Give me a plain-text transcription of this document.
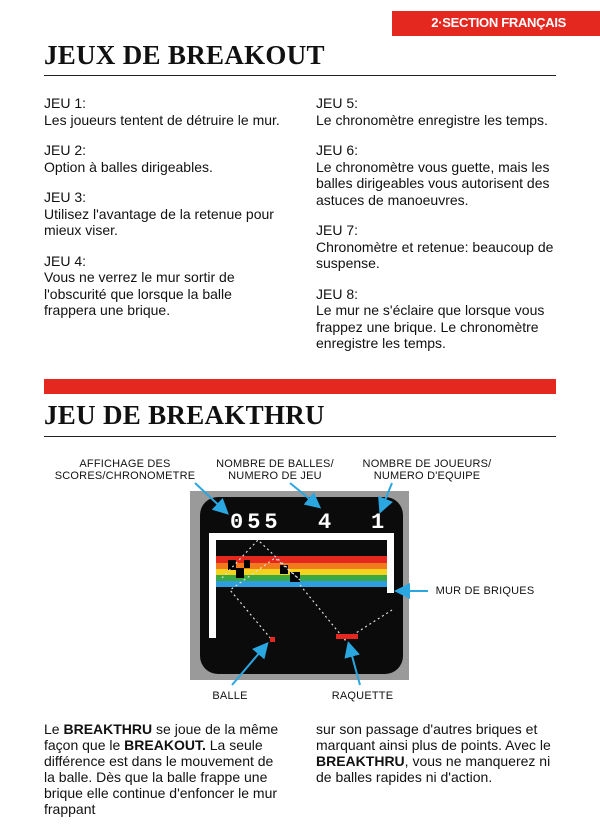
2·SECTION FRANÇAIS
JEUX DE BREAKOUT
JEU 1:
Les joueurs tentent de détruire le mur.
JEU 2:
Option à balles dirigeables.
JEU 3:
Utilisez l'avantage de la retenue pour mieux viser.
JEU 4:
Vous ne verrez le mur sortir de l'obscurité que lorsque la balle frappera une brique.
JEU 5:
Le chronomètre enregistre les temps.
JEU 6:
Le chronomètre vous guette, mais les balles dirigeables vous autorisent des astuces de manoeuvres.
JEU 7:
Chronomètre et retenue: beaucoup de suspense.
JEU 8:
Le mur ne s'éclaire que lorsque vous frappez une brique. Le chronomètre enregistre les temps.
JEU DE BREAKTHRU
AFFICHAGE DES
SCORES/CHRONOMETRE
NOMBRE DE BALLES/
NUMERO DE JEU
NOMBRE DE JOUEURS/
NUMERO D'EQUIPE
MUR DE BRIQUES
BALLE	RAQUETTE
055 4 1
Le BREAKTHRU se joue de la même façon que le BREAKOUT. La seule différence est dans le mouvement de la balle. Dès que la balle frappe une brique elle continue d'enfoncer le mur frappant
sur son passage d'autres briques et marquant ainsi plus de points. Avec le BREAKTHRU, vous ne manquerez ni de balles rapides ni d'action.
